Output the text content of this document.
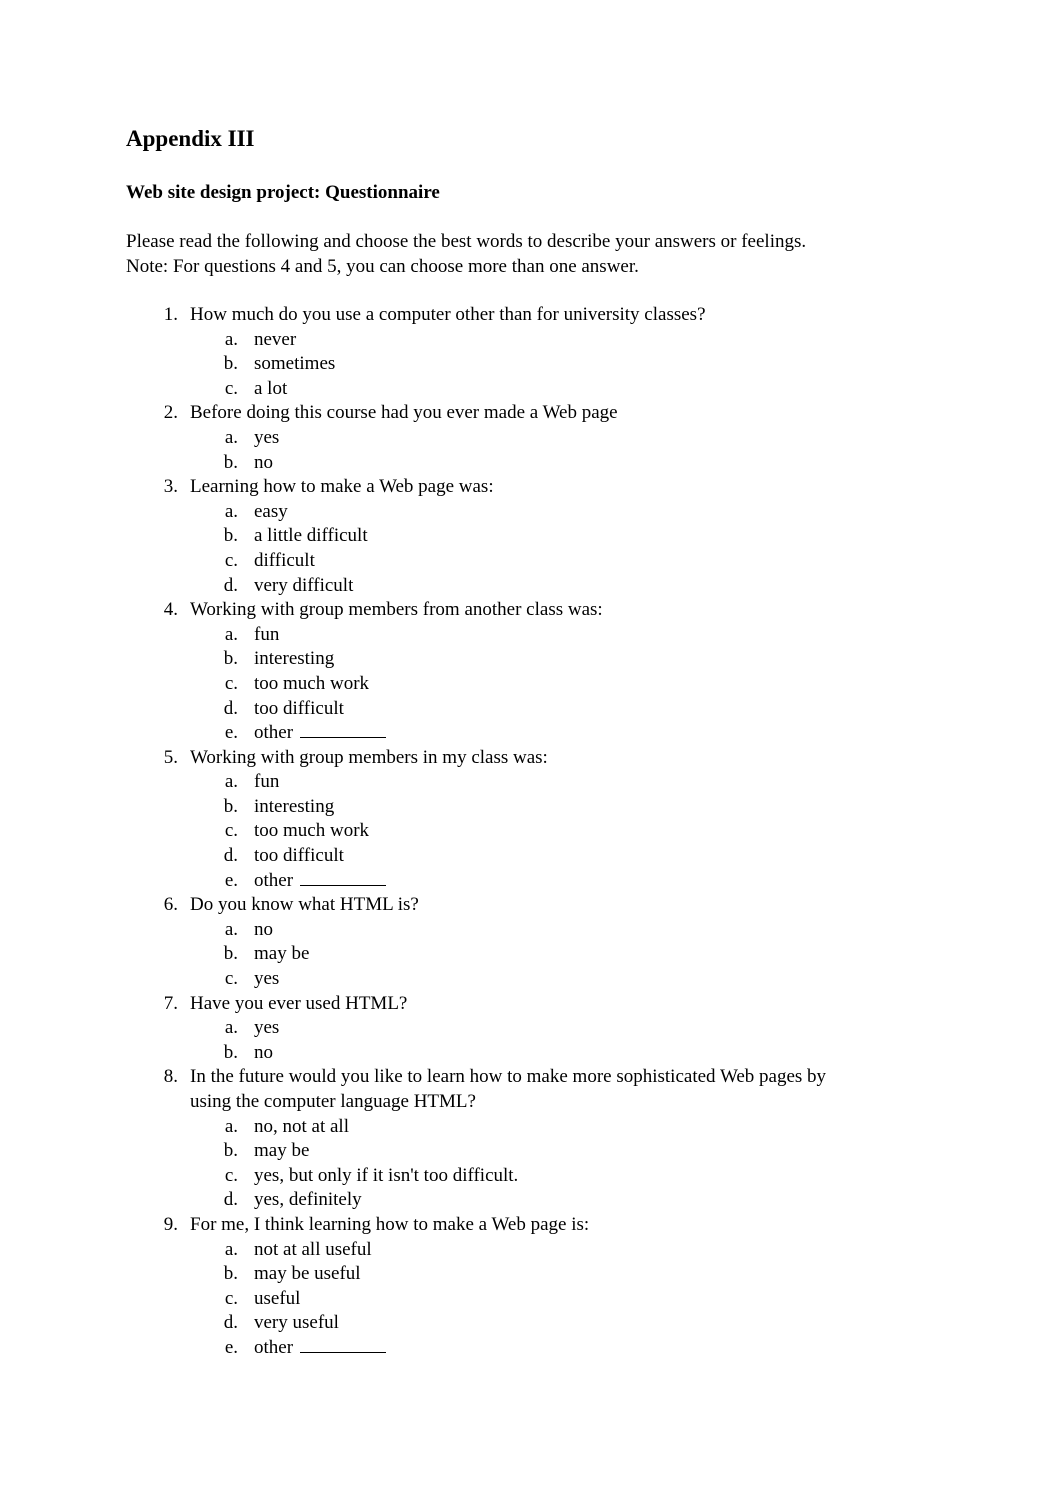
Appendix III
Web site design project: Questionnaire
Please read the following and choose the best words to describe your answers or feelings.
Note: For questions 4 and 5, you can choose more than one answer.
1. How much do you use a computer other than for university classes?
a. never
b. sometimes
c. a lot
2. Before doing this course had you ever made a Web page
a. yes
b. no
3. Learning how to make a Web page was:
a. easy
b. a little difficult
c. difficult
d. very difficult
4. Working with group members from another class was:
a. fun
b. interesting
c. too much work
d. too difficult
e. other
5. Working with group members in my class was:
a. fun
b. interesting
c. too much work
d. too difficult
e. other
6. Do you know what HTML is?
a. no
b. may be
c. yes
7. Have you ever used HTML?
a. yes
b. no
8. In the future would you like to learn how to make more sophisticated Web pages by
using the computer language HTML?
a. no, not at all
b. may be
c. yes, but only if it isn't too difficult.
d. yes, definitely
9. For me, I think learning how to make a Web page is:
a. not at all useful
b. may be useful
c. useful
d. very useful
e. other
